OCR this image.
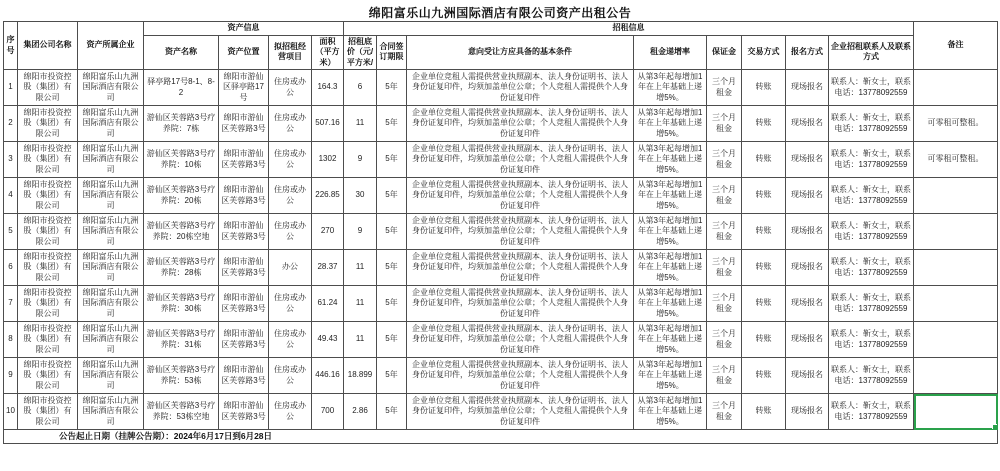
绵阳富乐山九洲国际酒店有限公司资产出租公告
序号	集团公司名称	资产所属企业	资产信息				招租信息								备注
			资产名称	资产位置	拟招租经营项目	面积（平方米）	招租底价（元/平方米/	合同签订期限	意向受让方应具备的基本条件	租金递增率	保证金	交易方式	报名方式	企业招租联系人及联系方式	
1	绵阳市投资控股（集团）有限公司	绵阳富乐山九洲国际酒店有限公司	驿亭路17号8-1、8-2	绵阳市游仙区驿亭路17号	住房或办公	164.3	6	5年	企业单位竞租人需提供营业执照副本、法人身份证明书、法人身份证复印件，均须加盖单位公章；个人竞租人需提供个人身份证复印件	从第3年起每增加1年在上年基础上递增5%。	三个月租金	转账	现场报名	联系人：靳女士，联系电话：13778092559	
2	绵阳市投资控股（集团）有限公司	绵阳富乐山九洲国际酒店有限公司	游仙区芙蓉路3号疗养院：7栋	绵阳市游仙区芙蓉路3号	住房或办公	507.16	11	5年	企业单位竞租人需提供营业执照副本、法人身份证明书、法人身份证复印件，均须加盖单位公章；个人竞租人需提供个人身份证复印件	从第3年起每增加1年在上年基础上递增5%。	三个月租金	转账	现场报名	联系人：靳女士，联系电话：13778092559	可零租可整租。
3	绵阳市投资控股（集团）有限公司	绵阳富乐山九洲国际酒店有限公司	游仙区芙蓉路3号疗养院：10栋	绵阳市游仙区芙蓉路3号	住房或办公	1302	9	5年	企业单位竞租人需提供营业执照副本、法人身份证明书、法人身份证复印件，均须加盖单位公章；个人竞租人需提供个人身份证复印件	从第3年起每增加1年在上年基础上递增5%。	三个月租金	转账	现场报名	联系人：靳女士，联系电话：13778092559	可零租可整租。
4	绵阳市投资控股（集团）有限公司	绵阳富乐山九洲国际酒店有限公司	游仙区芙蓉路3号疗养院：20栋	绵阳市游仙区芙蓉路3号	住房或办公	226.85	30	5年	企业单位竞租人需提供营业执照副本、法人身份证明书、法人身份证复印件，均须加盖单位公章；个人竞租人需提供个人身份证复印件	从第3年起每增加1年在上年基础上递增5%。	三个月租金	转账	现场报名	联系人：靳女士，联系电话：13778092559	
5	绵阳市投资控股（集团）有限公司	绵阳富乐山九洲国际酒店有限公司	游仙区芙蓉路3号疗养院：20栋空地	绵阳市游仙区芙蓉路3号	住房或办公	270	9	5年	企业单位竞租人需提供营业执照副本、法人身份证明书、法人身份证复印件，均须加盖单位公章；个人竞租人需提供个人身份证复印件	从第3年起每增加1年在上年基础上递增5%。	三个月租金	转账	现场报名	联系人：靳女士，联系电话：13778092559	
6	绵阳市投资控股（集团）有限公司	绵阳富乐山九洲国际酒店有限公司	游仙区芙蓉路3号疗养院：28栋	绵阳市游仙区芙蓉路3号	办公	28.37	11	5年	企业单位竞租人需提供营业执照副本、法人身份证明书、法人身份证复印件，均须加盖单位公章；个人竞租人需提供个人身份证复印件	从第3年起每增加1年在上年基础上递增5%。	三个月租金	转账	现场报名	联系人：靳女士，联系电话：13778092559	
7	绵阳市投资控股（集团）有限公司	绵阳富乐山九洲国际酒店有限公司	游仙区芙蓉路3号疗养院：30栋	绵阳市游仙区芙蓉路3号	住房或办公	61.24	11	5年	企业单位竞租人需提供营业执照副本、法人身份证明书、法人身份证复印件，均须加盖单位公章；个人竞租人需提供个人身份证复印件	从第3年起每增加1年在上年基础上递增5%。	三个月租金	转账	现场报名	联系人：靳女士，联系电话：13778092559	
8	绵阳市投资控股（集团）有限公司	绵阳富乐山九洲国际酒店有限公司	游仙区芙蓉路3号疗养院：31栋	绵阳市游仙区芙蓉路3号	住房或办公	49.43	11	5年	企业单位竞租人需提供营业执照副本、法人身份证明书、法人身份证复印件，均须加盖单位公章；个人竞租人需提供个人身份证复印件	从第3年起每增加1年在上年基础上递增5%。	三个月租金	转账	现场报名	联系人：靳女士，联系电话：13778092559	
9	绵阳市投资控股（集团）有限公司	绵阳富乐山九洲国际酒店有限公司	游仙区芙蓉路3号疗养院：53栋	绵阳市游仙区芙蓉路3号	住房或办公	446.16	18.899	5年	企业单位竞租人需提供营业执照副本、法人身份证明书、法人身份证复印件，均须加盖单位公章；个人竞租人需提供个人身份证复印件	从第3年起每增加1年在上年基础上递增5%。	三个月租金	转账	现场报名	联系人：靳女士，联系电话：13778092559	
10	绵阳市投资控股（集团）有限公司	绵阳富乐山九洲国际酒店有限公司	游仙区芙蓉路3号疗养院：53栋空地	绵阳市游仙区芙蓉路3号	住房或办公	700	2.86	5年	企业单位竞租人需提供营业执照副本、法人身份证明书、法人身份证复印件，均须加盖单位公章；个人竞租人需提供个人身份证复印件	从第3年起每增加1年在上年基础上递增5%。	三个月租金	转账	现场报名	联系人：靳女士，联系电话：13778092559	
公告起止日期（挂牌公告期）：2024年6月17日到6月28日															
